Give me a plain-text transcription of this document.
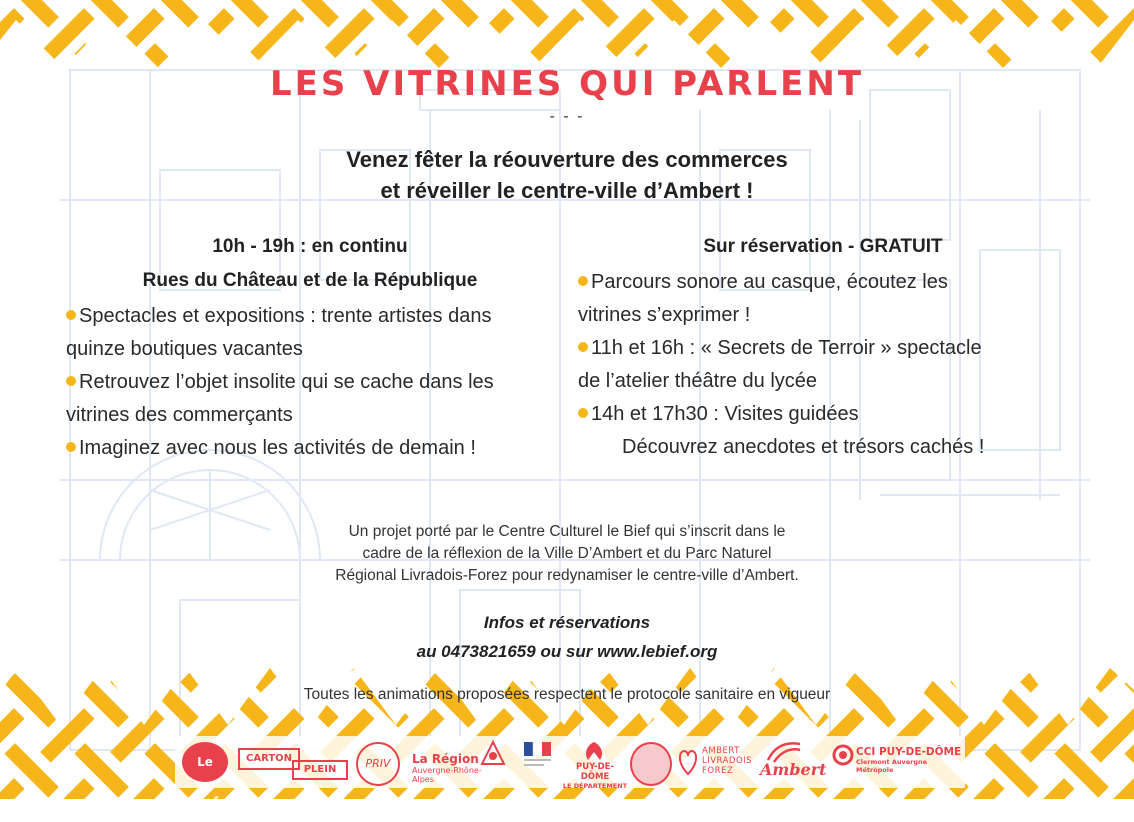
LES VITRINES QUI PARLENT
- - -
Venez fêter la réouverture des commerces
et réveiller le centre-ville d’Ambert !
10h - 19h : en continu
Rues du Château et de la République
Spectacles et expositions : trente artistes dans
quinze boutiques vacantes
Retrouvez l’objet insolite qui se cache dans les
vitrines des commerçants
Imaginez avec nous les activités de demain !
Sur réservation - GRATUIT
Parcours sonore au casque, écoutez les
vitrines s’exprimer !
11h et 16h : « Secrets de Terroir » spectacle
de l’atelier théâtre du lycée
14h et 17h30 : Visites guidées
Découvrez anecdotes et trésors cachés !
Un projet porté par le Centre Culturel le Bief qui s’inscrit dans le
cadre de la réflexion de la Ville D’Ambert et du Parc Naturel
Régional Livradois-Forez pour redynamiser le centre-ville d’Ambert.
Infos et réservations
au 0473821659 ou sur www.lebief.org
Toutes les animations proposées respectent le protocole sanitaire en vigueur
Le Bief
CARTON
PLEIN	PRIV	La Région
Auvergne-Rhône-Alpes
PUY-DE-DÔME
LE DÉPARTEMENT
AMBERT
LIVRADOIS
FOREZ	Ambert
CCI PUY-DE-DÔME
Clermont Auvergne Métropole
